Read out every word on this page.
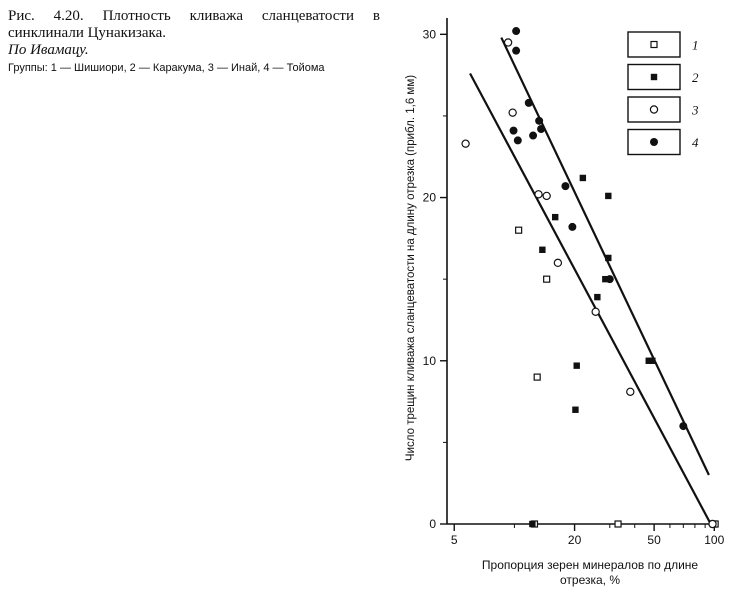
Рис. 4.20. Плотность кливажа сланцеватости в синклинали Цунакизака.
По Ивамацу.
Группы: 1 — Шишиори, 2 — Каракума, 3 — Инай, 4 — Тойома
0
10
20
30
5	20	50	100
1
2
3
4
Пропорция зерен минералов по длине отрезка, %
Число трещин кливажа сланцеватости на длину отрезка (прибл. 1,6 мм)
